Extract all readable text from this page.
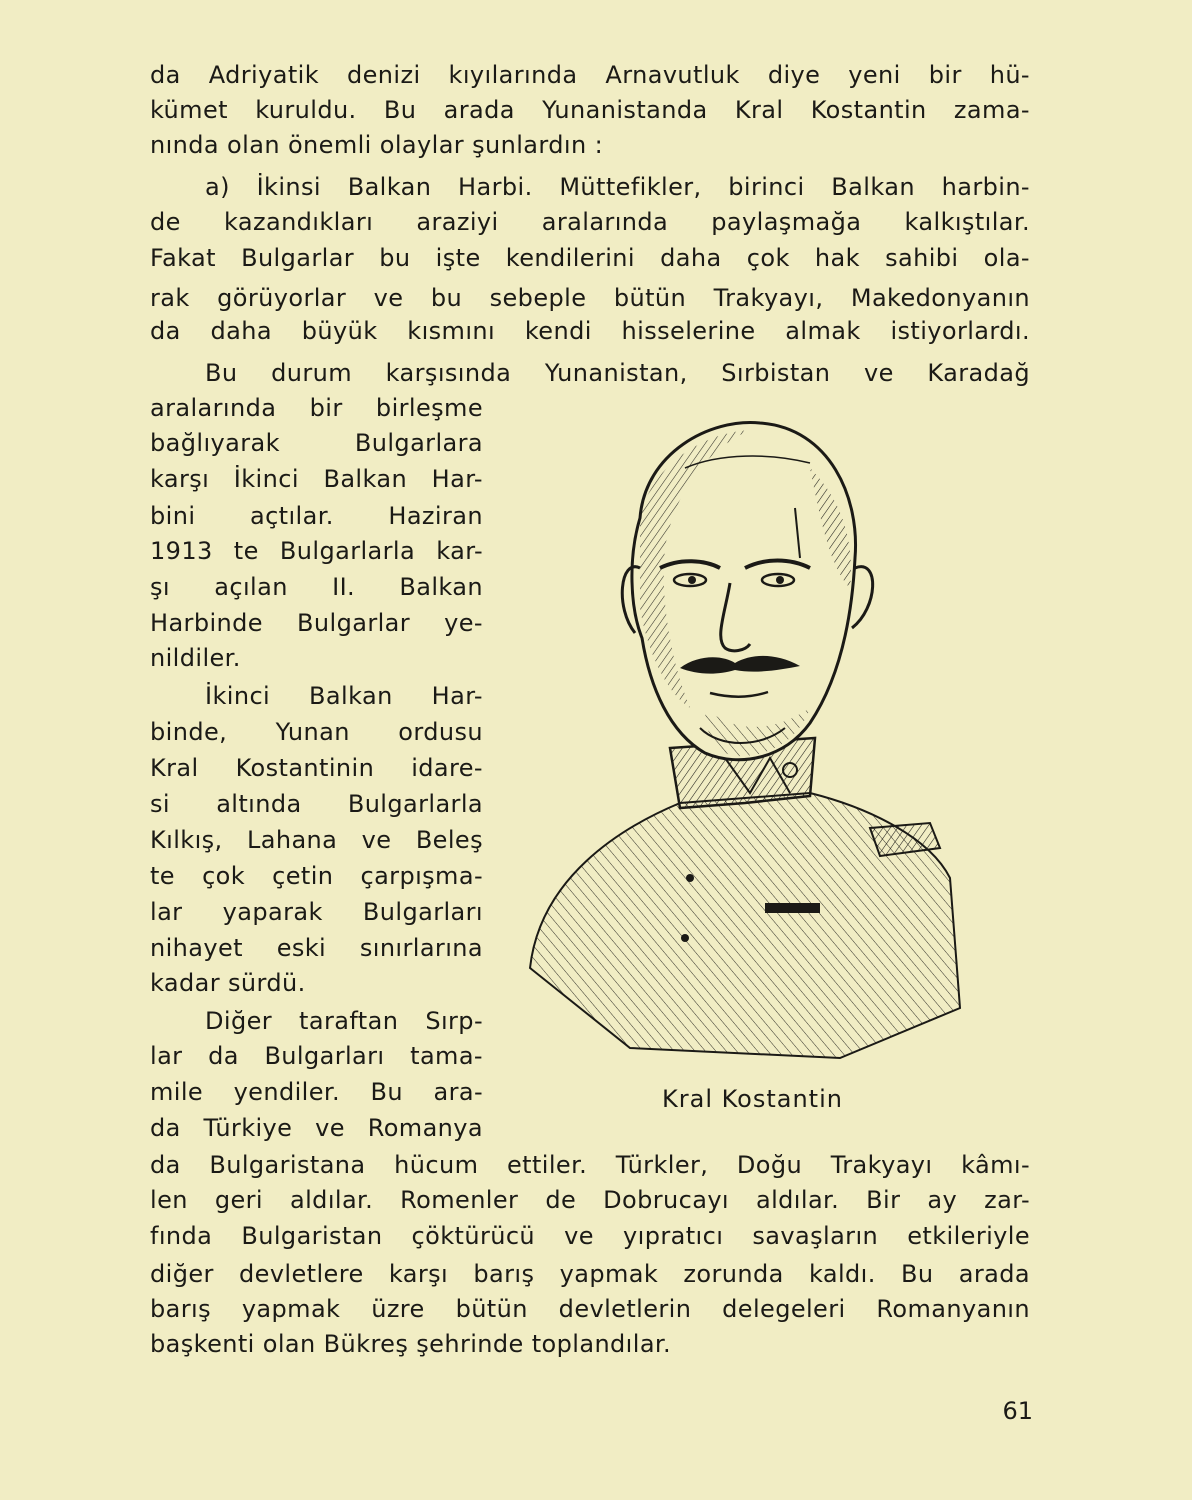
da Adriyatik denizi kıyılarında Arnavutluk diye yeni bir hü-
kümet kuruldu. Bu arada Yunanistanda Kral Kostantin zama-
nında olan önemli olaylar şunlardın :
a) İkinsi Balkan Harbi. Müttefikler, birinci Balkan harbin-
de kazandıkları araziyi aralarında paylaşmağa kalkıştılar.
Fakat Bulgarlar bu işte kendilerini daha çok hak sahibi ola-
rak görüyorlar ve bu sebeple bütün Trakyayı, Makedonyanın
da daha büyük kısmını kendi hisselerine almak istiyorlardı.
Bu durum karşısında Yunanistan, Sırbistan ve Karadağ
aralarında bir birleşme
bağlıyarak Bulgarlara
karşı İkinci Balkan Har-
bini açtılar. Haziran
1913 te Bulgarlarla kar-
şı açılan II. Balkan
Harbinde Bulgarlar ye-
nildiler.
İkinci Balkan Har-
binde, Yunan ordusu
Kral Kostantinin idare-
si altında Bulgarlarla
Kılkış, Lahana ve Beleş
te çok çetin çarpışma-
lar yaparak Bulgarları
nihayet eski sınırlarına
kadar sürdü.
Diğer taraftan Sırp-
lar da Bulgarları tama-
mile yendiler. Bu ara-
da Türkiye ve Romanya
da Bulgaristana hücum ettiler. Türkler, Doğu Trakyayı kâmı-
len geri aldılar. Romenler de Dobrucayı aldılar. Bir ay zar-
fında Bulgaristan çöktürücü ve yıpratıcı savaşların etkileriyle
diğer devletlere karşı barış yapmak zorunda kaldı. Bu arada
barış yapmak üzre bütün devletlerin delegeleri Romanyanın
başkenti olan Bükreş şehrinde toplandılar.
Kral Kostantin
61
